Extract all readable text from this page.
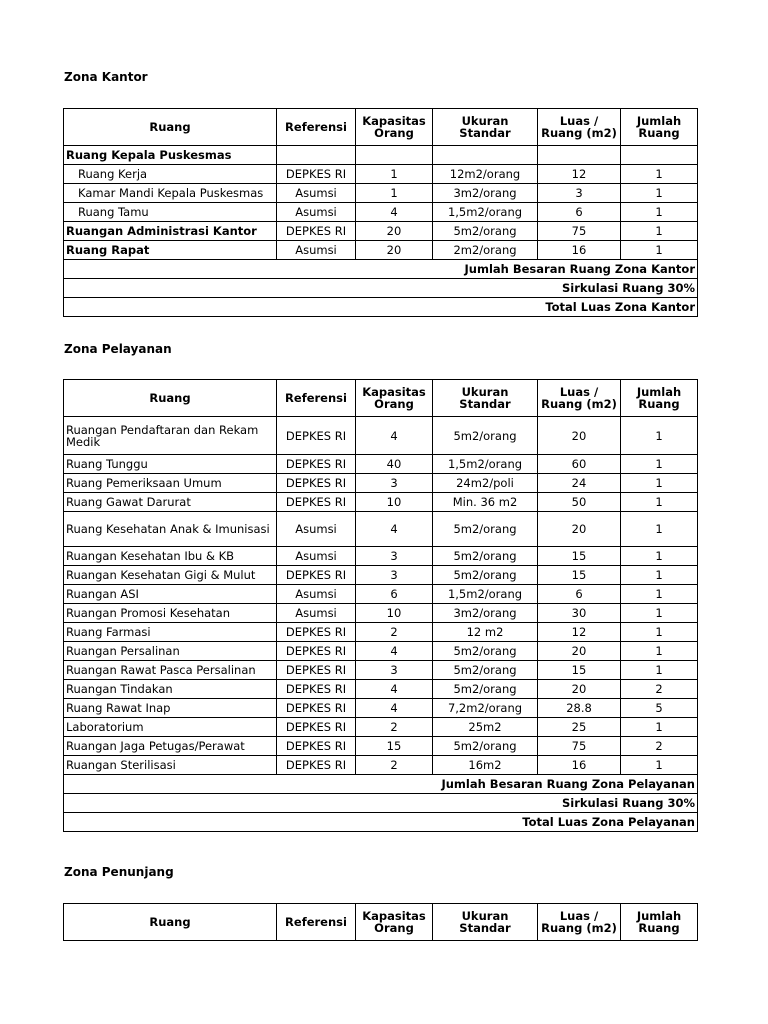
Zona Kantor
Ruang	Referensi	Kapasitas Orang	Ukuran Standar	Luas / Ruang (m2)	Jumlah Ruang
Ruang Kepala Puskesmas					
Ruang Kerja	DEPKES RI	1	12m2/orang	12	1
Kamar Mandi Kepala Puskesmas	Asumsi	1	3m2/orang	3	1
Ruang Tamu	Asumsi	4	1,5m2/orang	6	1
Ruangan Administrasi Kantor	DEPKES RI	20	5m2/orang	75	1
Ruang Rapat	Asumsi	20	2m2/orang	16	1
Jumlah Besaran Ruang Zona Kantor					
Sirkulasi Ruang 30%					
Total Luas Zona Kantor					
Zona Pelayanan
Ruang	Referensi	Kapasitas Orang	Ukuran Standar	Luas / Ruang (m2)	Jumlah Ruang
Ruangan Pendaftaran dan Rekam Medik	DEPKES RI	4	5m2/orang	20	1
Ruang Tunggu	DEPKES RI	40	1,5m2/orang	60	1
Ruang Pemeriksaan Umum	DEPKES RI	3	24m2/poli	24	1
Ruang Gawat Darurat	DEPKES RI	10	Min. 36 m2	50	1
Ruang Kesehatan Anak & Imunisasi	Asumsi	4	5m2/orang	20	1
Ruangan Kesehatan Ibu & KB	Asumsi	3	5m2/orang	15	1
Ruangan Kesehatan Gigi & Mulut	DEPKES RI	3	5m2/orang	15	1
Ruangan ASI	Asumsi	6	1,5m2/orang	6	1
Ruangan Promosi Kesehatan	Asumsi	10	3m2/orang	30	1
Ruang Farmasi	DEPKES RI	2	12 m2	12	1
Ruangan Persalinan	DEPKES RI	4	5m2/orang	20	1
Ruangan Rawat Pasca Persalinan	DEPKES RI	3	5m2/orang	15	1
Ruangan Tindakan	DEPKES RI	4	5m2/orang	20	2
Ruang Rawat Inap	DEPKES RI	4	7,2m2/orang	28.8	5
Laboratorium	DEPKES RI	2	25m2	25	1
Ruangan Jaga Petugas/Perawat	DEPKES RI	15	5m2/orang	75	2
Ruangan Sterilisasi	DEPKES RI	2	16m2	16	1
Jumlah Besaran Ruang Zona Pelayanan					
Sirkulasi Ruang 30%					
Total Luas Zona Pelayanan					
Zona Penunjang
Ruang	Referensi	Kapasitas Orang	Ukuran Standar	Luas / Ruang (m2)	Jumlah Ruang
